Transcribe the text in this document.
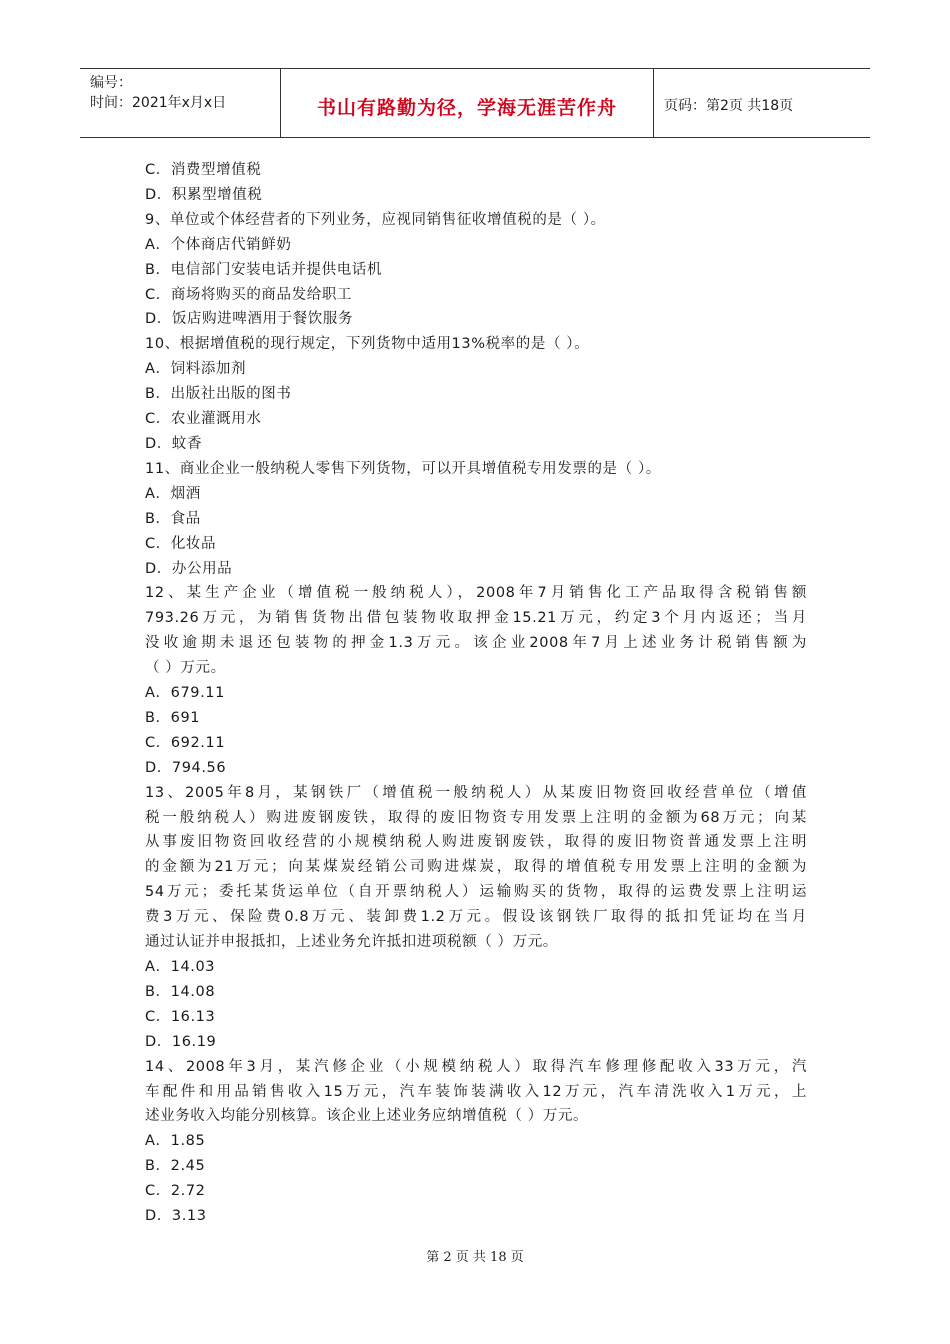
编号：
时间：2021年x月x日	书山有路勤为径，学海无涯苦作舟	页码：第2页 共18页
C．消费型增值税
D．积累型增值税
9、单位或个体经营者的下列业务，应视同销售征收增值税的是（ ）。
A．个体商店代销鲜奶
B．电信部门安装电话并提供电话机
C．商场将购买的商品发给职工
D．饭店购进啤酒用于餐饮服务
10、根据增值税的现行规定，下列货物中适用13%税率的是（ ）。
A．饲料添加剂
B．出版社出版的图书
C．农业灌溉用水
D．蚊香
11、商业企业一般纳税人零售下列货物，可以开具增值税专用发票的是（ ）。
A．烟酒
B．食品
C．化妆品
D．办公用品
12、某生产企业（增值税一般纳税人），2008年7月销售化工产品取得含税销售额
793.26万元，为销售货物出借包装物收取押金15.21万元，约定3个月内返还；当月
没收逾期未退还包装物的押金1.3万元。该企业2008年7月上述业务计税销售额为
（ ）万元。
A．679.11
B．691
C．692.11
D．794.56
13、2005年8月，某钢铁厂（增值税一般纳税人）从某废旧物资回收经营单位（增值
税一般纳税人）购进废钢废铁，取得的废旧物资专用发票上注明的金额为68万元；向某
从事废旧物资回收经营的小规模纳税人购进废钢废铁，取得的废旧物资普通发票上注明
的金额为21万元；向某煤炭经销公司购进煤炭，取得的增值税专用发票上注明的金额为
54万元；委托某货运单位（自开票纳税人）运输购买的货物，取得的运费发票上注明运
费3万元、保险费0.8万元、装卸费1.2万元。假设该钢铁厂取得的抵扣凭证均在当月
通过认证并申报抵扣，上述业务允许抵扣进项税额（ ）万元。
A．14.03
B．14.08
C．16.13
D．16.19
14、2008年3月，某汽修企业（小规模纳税人）取得汽车修理修配收入33万元，汽
车配件和用品销售收入15万元，汽车装饰装满收入12万元，汽车清洗收入1万元，上
述业务收入均能分别核算。该企业上述业务应纳增值税（ ）万元。
A．1.85
B．2.45
C．2.72
D．3.13
第 2 页 共 18 页
